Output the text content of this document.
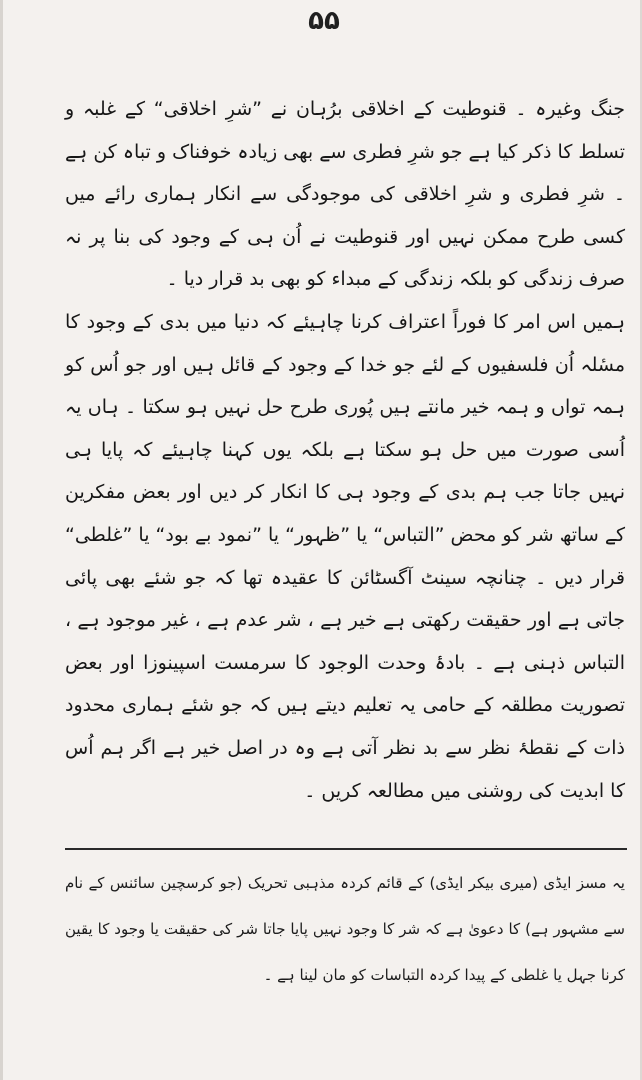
۵۵

جنگ وغیرہ ۔ قنوطیت کے اخلاقی برُہان نے ”شرِ اخلاقی“ کے غلبہ و تسلط کا ذکر کیا ہے جو شرِ فطری سے بھی زیادہ خوفناک و تباہ کن ہے ۔ شرِ فطری و شرِ اخلاقی کی موجودگی سے انکار ہماری رائے میں کسی طرح ممکن نہیں اور قنوطیت نے اُن ہی کے وجود کی بنا پر نہ صرف زندگی کو بلکہ زندگی کے مبداء کو بھی بد قرار دیا ۔

ہمیں اس امر کا فوراً اعتراف کرنا چاہیئے کہ دنیا میں بدی کے وجود کا مسٔلہ اُن فلسفیوں کے لئے جو خدا کے وجود کے قائل ہیں اور جو اُس کو ہمہ تواں و ہمہ خیر مانتے ہیں پُوری طرح حل نہیں ہو سکتا ۔ ہاں یہ اُسی صورت میں حل ہو سکتا ہے بلکہ یوں کہنا چاہیئے کہ پایا ہی نہیں جاتا جب ہم بدی کے وجود ہی کا انکار کر دیں اور بعض مفکرین کے ساتھ شر کو محض ”التباس“ یا ”ظہور“ یا ”نمود بے بود“ یا ”غلطی“ قرار دیں ۔ چنانچہ سینٹ آگسٹائن کا عقیدہ تھا کہ جو شئے بھی پائی جاتی ہے اور حقیقت رکھتی ہے خیر ہے ، شر عدم ہے ، غیر موجود ہے ، التباس ذہنی ہے ۔ بادۂ وحدت الوجود کا سرمست اسپینوزا اور بعض تصوریت مطلقہ کے حامی یہ تعلیم دیتے ہیں کہ جو شئے ہماری محدود ذات کے نقطۂ نظر سے بد نظر آتی ہے وہ در اصل خیر ہے اگر ہم اُس کا ابدیت کی روشنی میں مطالعہ کریں ۔

یہ مسز ایڈی (میری بیکر ایڈی) کے قائم کردہ مذہبی تحریک (جو کرسچین سائنس کے نام سے مشہور ہے) کا دعویٰ ہے کہ شر کا وجود نہیں پایا جاتا شر کی حقیقت یا وجود کا یقین کرنا جہل یا غلطی کے پیدا کردہ التباسات کو مان لینا ہے ۔
